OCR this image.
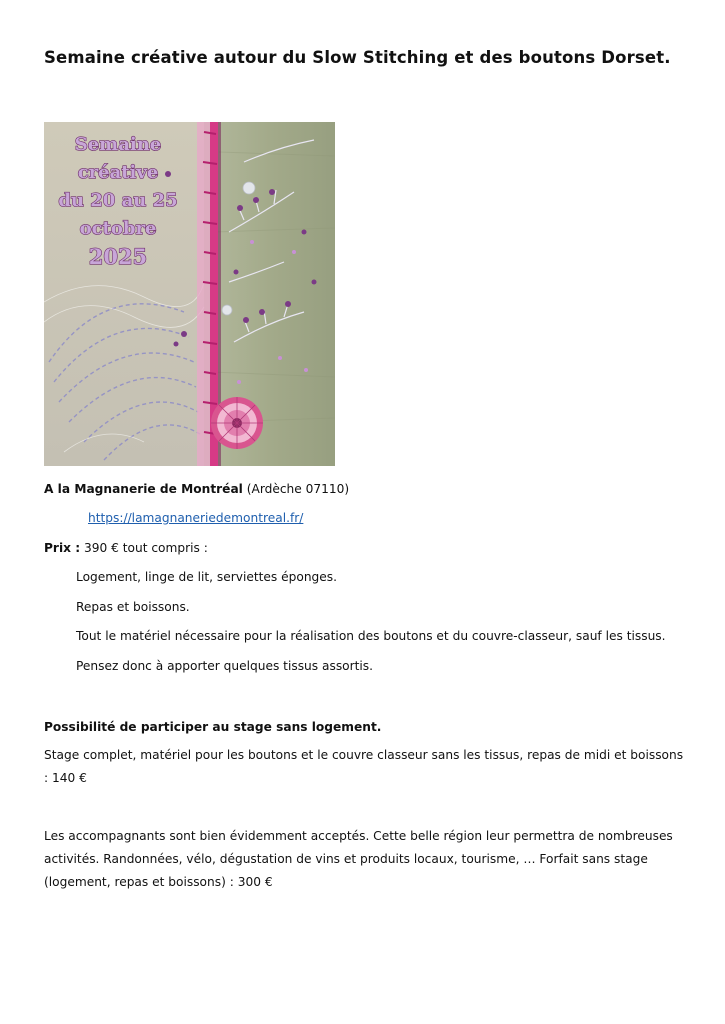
Semaine créative autour du Slow Stitching et des boutons Dorset.
Semaine
créative
du 20 au 25
octobre
2025

A la Magnanerie de Montréal (Ardèche 07110)

https://lamagnaneriedemontreal.fr/

Prix : 390 € tout compris :

Logement, linge de lit, serviettes éponges.

Repas et boissons.

Tout le matériel nécessaire pour la réalisation des boutons et du couvre-classeur, sauf les tissus.

Pensez donc à apporter quelques tissus assortis.

Possibilité de participer au stage sans logement.

Stage complet, matériel pour les boutons et le couvre classeur sans les tissus, repas de midi et boissons : 140 €

Les accompagnants sont bien évidemment acceptés. Cette belle région leur permettra de nombreuses activités. Randonnées, vélo, dégustation de vins et produits locaux, tourisme, … Forfait sans stage (logement, repas et boissons) : 300 €
